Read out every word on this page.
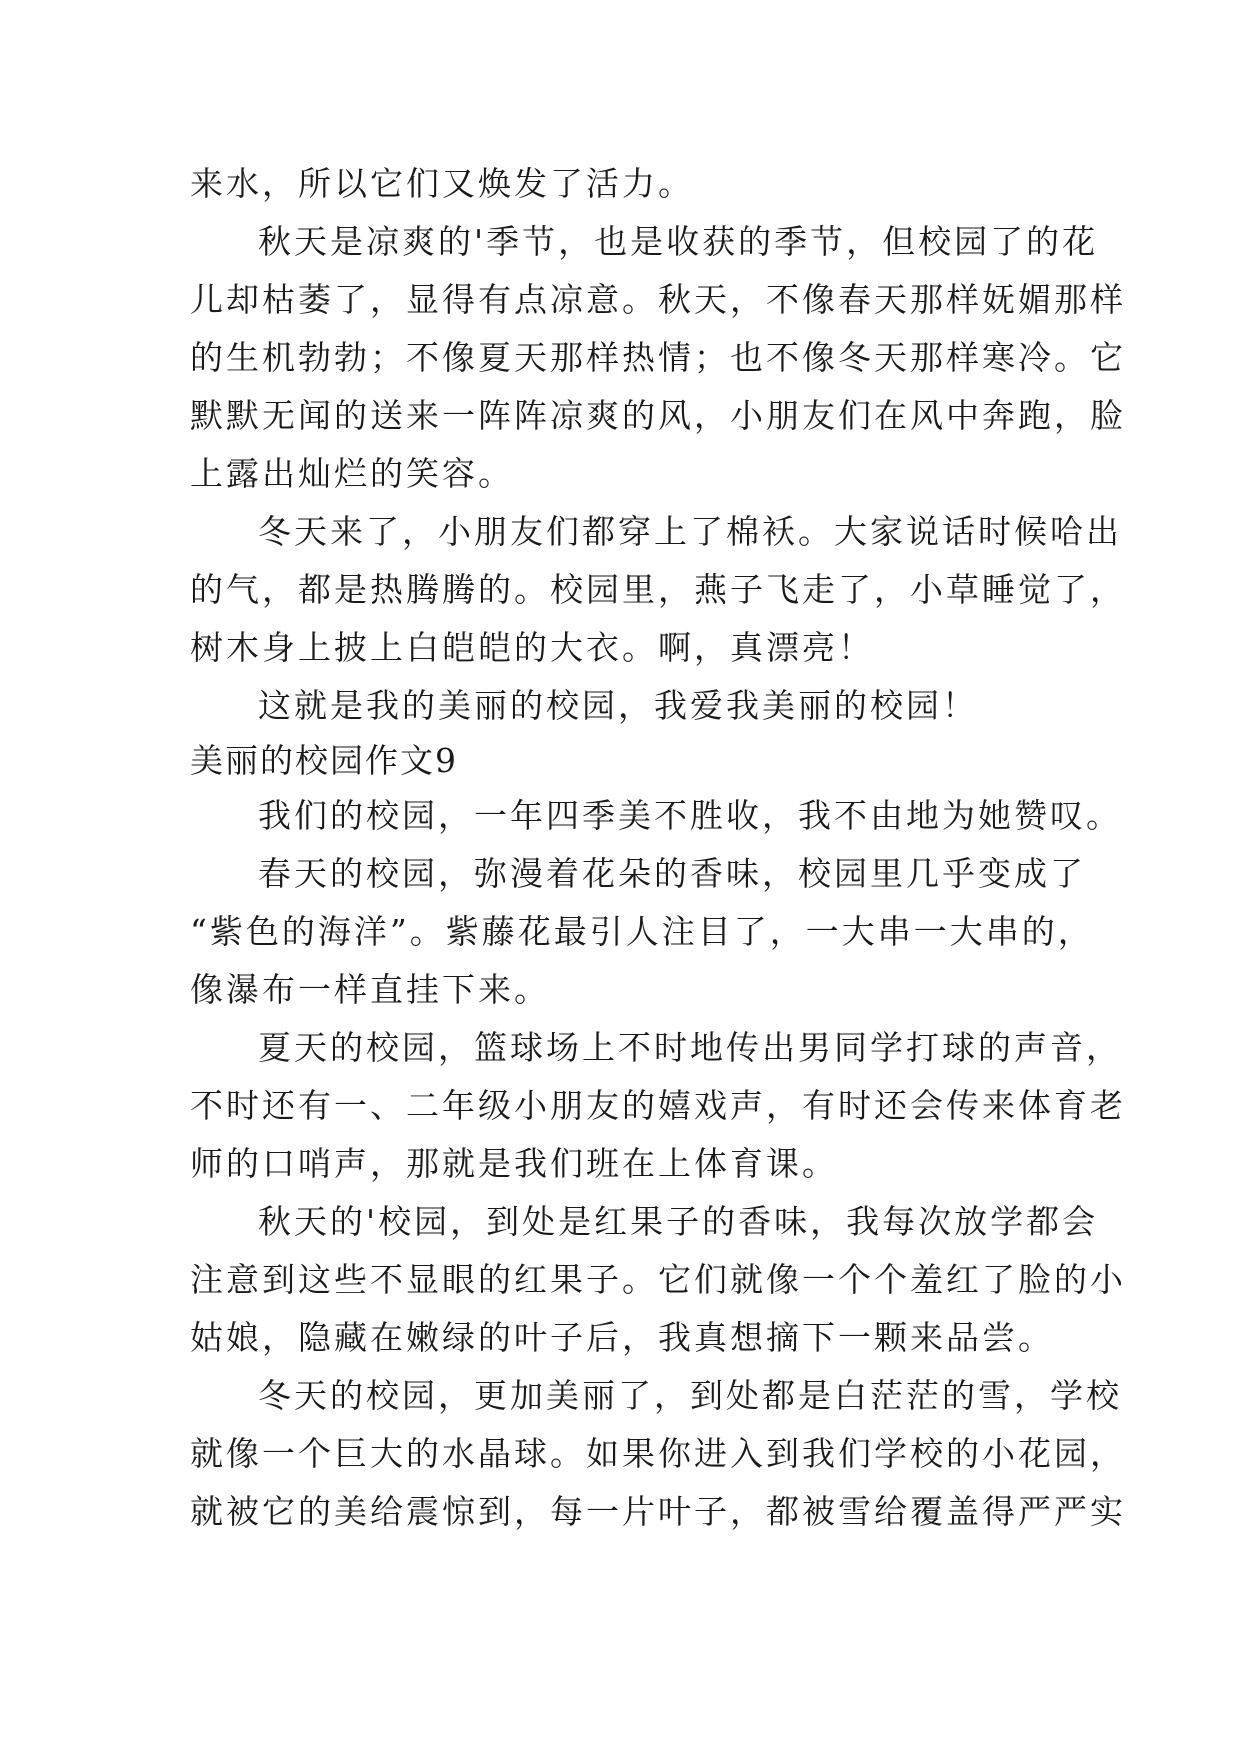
来水，所以它们又焕发了活力。
秋天是凉爽的'季节，也是收获的季节，但校园了的花
儿却枯萎了，显得有点凉意。秋天，不像春天那样妩媚那样
的生机勃勃；不像夏天那样热情；也不像冬天那样寒冷。它
默默无闻的送来一阵阵凉爽的风，小朋友们在风中奔跑，脸
上露出灿烂的笑容。
冬天来了，小朋友们都穿上了棉袄。大家说话时候哈出
的气，都是热腾腾的。校园里，燕子飞走了，小草睡觉了，
树木身上披上白皑皑的大衣。啊，真漂亮！
这就是我的美丽的校园，我爱我美丽的校园！
美丽的校园作文9
我们的校园，一年四季美不胜收，我不由地为她赞叹。
春天的校园，弥漫着花朵的香味，校园里几乎变成了
“紫色的海洋”。紫藤花最引人注目了，一大串一大串的，
像瀑布一样直挂下来。
夏天的校园，篮球场上不时地传出男同学打球的声音，
不时还有一、二年级小朋友的嬉戏声，有时还会传来体育老
师的口哨声，那就是我们班在上体育课。
秋天的'校园，到处是红果子的香味，我每次放学都会
注意到这些不显眼的红果子。它们就像一个个羞红了脸的小
姑娘，隐藏在嫩绿的叶子后，我真想摘下一颗来品尝。
冬天的校园，更加美丽了，到处都是白茫茫的雪，学校
就像一个巨大的水晶球。如果你进入到我们学校的小花园，
就被它的美给震惊到，每一片叶子，都被雪给覆盖得严严实
